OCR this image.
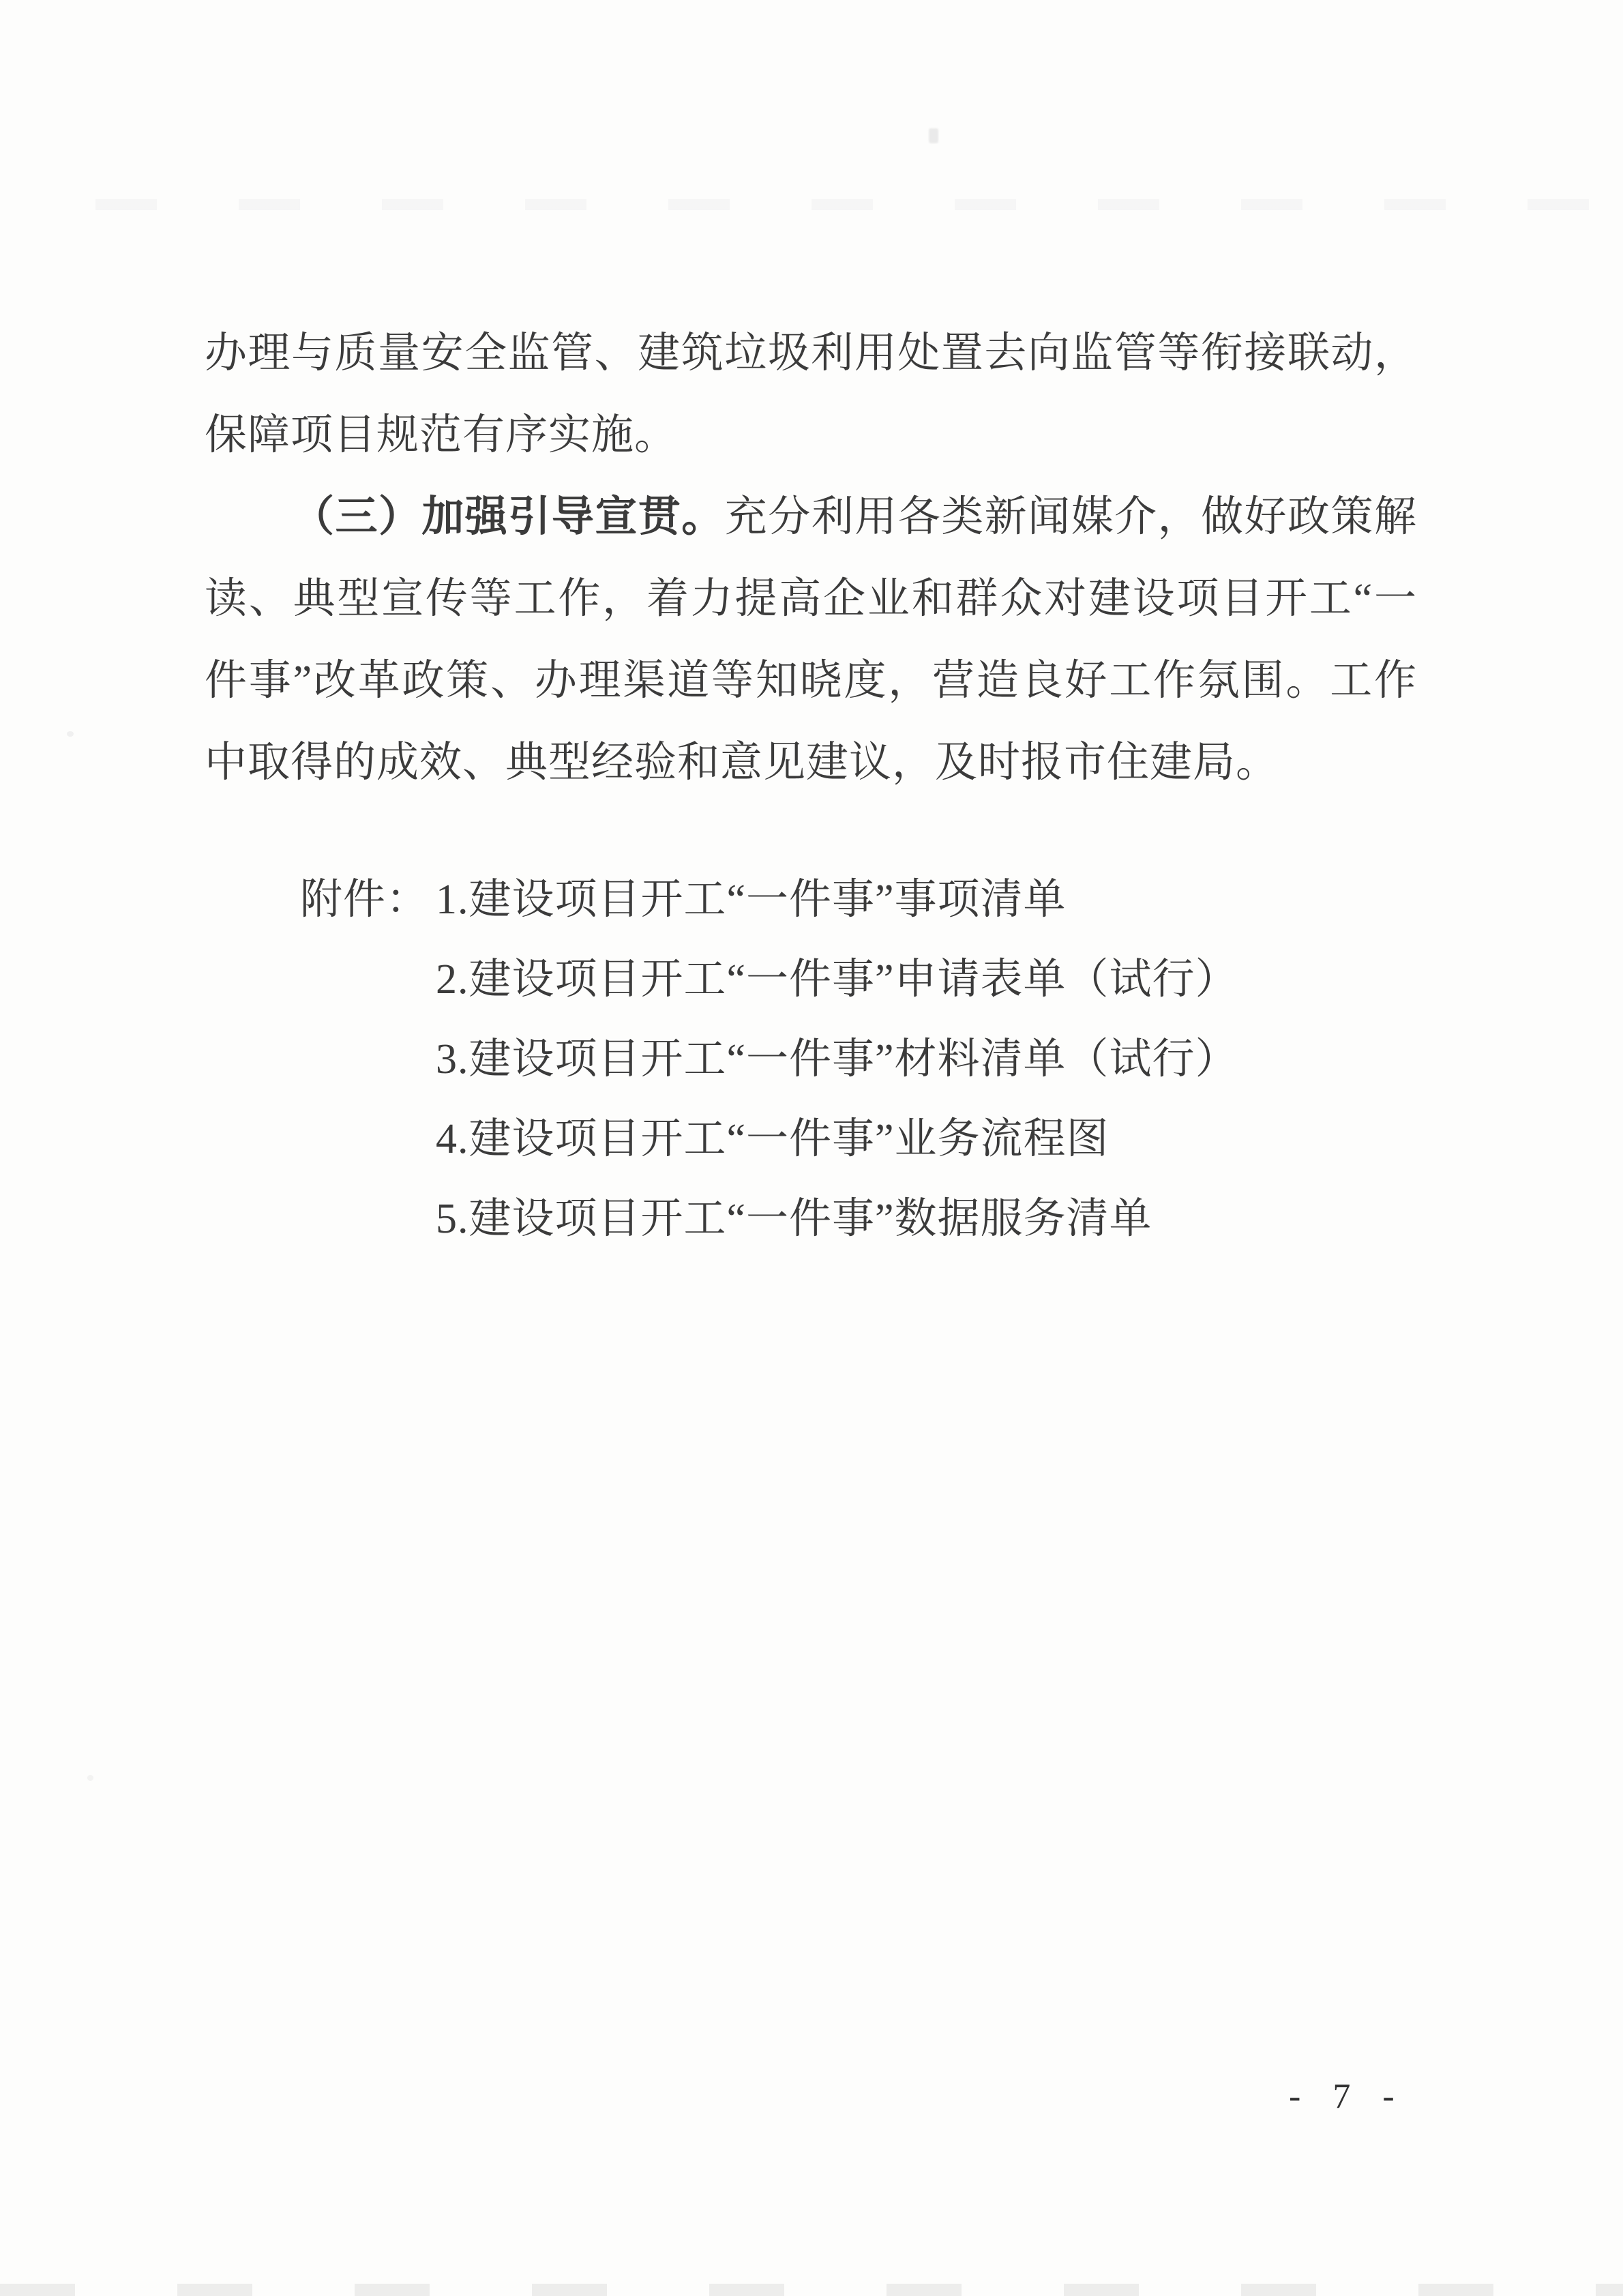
办理与质量安全监管、建筑垃圾利用处置去向监管等衔接联动，保障项目规范有序实施。

（三）加强引导宣贯。充分利用各类新闻媒介，做好政策解读、典型宣传等工作，着力提高企业和群众对建设项目开工“一件事”改革政策、办理渠道等知晓度，营造良好工作氛围。工作中取得的成效、典型经验和意见建议，及时报市住建局。

附件： 1.建设项目开工“一件事”事项清单
2.建设项目开工“一件事”申请表单（试行）
3.建设项目开工“一件事”材料清单（试行）
4.建设项目开工“一件事”业务流程图
5.建设项目开工“一件事”数据服务清单
- 7 -
